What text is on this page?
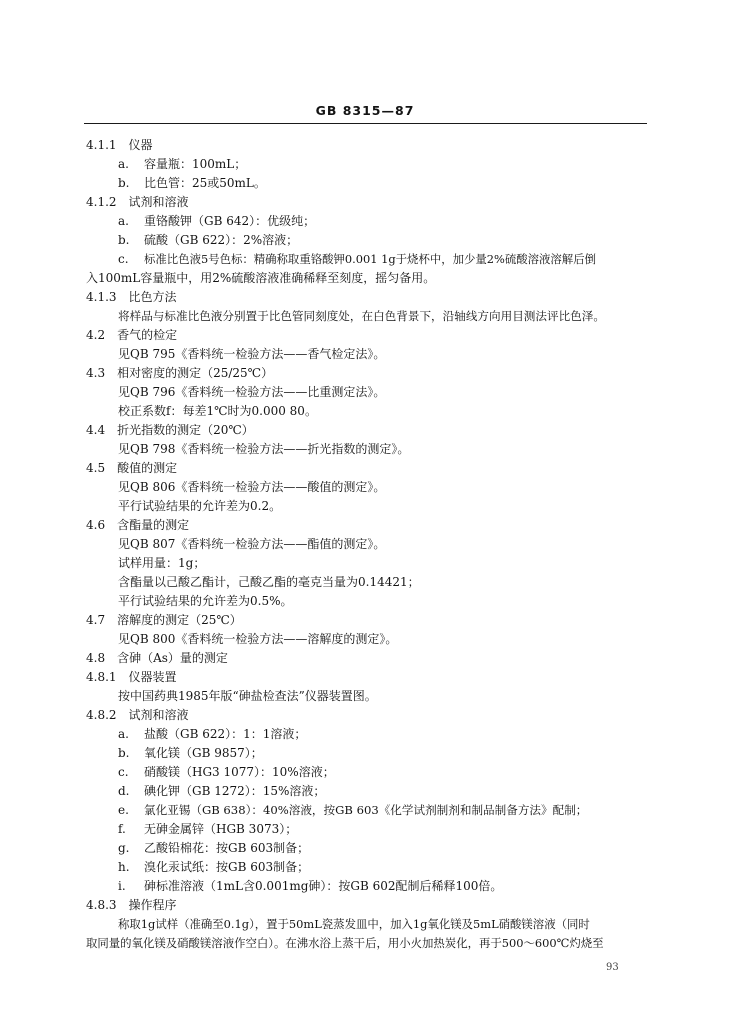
GB 8315—87
4.1.1　仪器
a. 容量瓶：100mL；
b. 比色管：25或50mL。
4.1.2　试剂和溶液
a. 重铬酸钾（GB 642）：优级纯；
b. 硫酸（GB 622）：2%溶液；
c. 标准比色液5号色标：精确称取重铬酸钾0.001 1g于烧杯中，加少量2%硫酸溶液溶解后倒
入100mL容量瓶中，用2%硫酸溶液准确稀释至刻度，摇匀备用。
4.1.3　比色方法
将样品与标准比色液分别置于比色管同刻度处，在白色背景下，沿轴线方向用目测法评比色泽。
4.2　香气的检定
见QB 795《香料统一检验方法——香气检定法》。
4.3　相对密度的测定（25/25℃）
见QB 796《香料统一检验方法——比重测定法》。
校正系数f：每差1℃时为0.000 80。
4.4　折光指数的测定（20℃）
见QB 798《香料统一检验方法——折光指数的测定》。
4.5　酸值的测定
见QB 806《香料统一检验方法——酸值的测定》。
平行试验结果的允许差为0.2。
4.6　含酯量的测定
见QB 807《香料统一检验方法——酯值的测定》。
试样用量：1g；
含酯量以己酸乙酯计，己酸乙酯的毫克当量为0.14421；
平行试验结果的允许差为0.5%。
4.7　溶解度的测定（25℃）
见QB 800《香料统一检验方法——溶解度的测定》。
4.8　含砷（As）量的测定
4.8.1　仪器装置
按中国药典1985年版“砷盐检查法”仪器装置图。
4.8.2　试剂和溶液
a. 盐酸（GB 622）：1：1溶液；
b. 氧化镁（GB 9857）；
c. 硝酸镁（HG3 1077）：10%溶液；
d. 碘化钾（GB 1272）：15%溶液；
e. 氯化亚锡（GB 638）：40%溶液，按GB 603《化学试剂制剂和制品制备方法》配制；
f. 无砷金属锌（HGB 3073）；
g. 乙酸铅棉花：按GB 603制备；
h. 溴化汞试纸：按GB 603制备；
i. 砷标准溶液（1mL含0.001mg砷）：按GB 602配制后稀释100倍。
4.8.3　操作程序
称取1g试样（准确至0.1g），置于50mL瓷蒸发皿中，加入1g氧化镁及5mL硝酸镁溶液（同时
取同量的氧化镁及硝酸镁溶液作空白）。在沸水浴上蒸干后，用小火加热炭化，再于500～600℃灼烧至
93
